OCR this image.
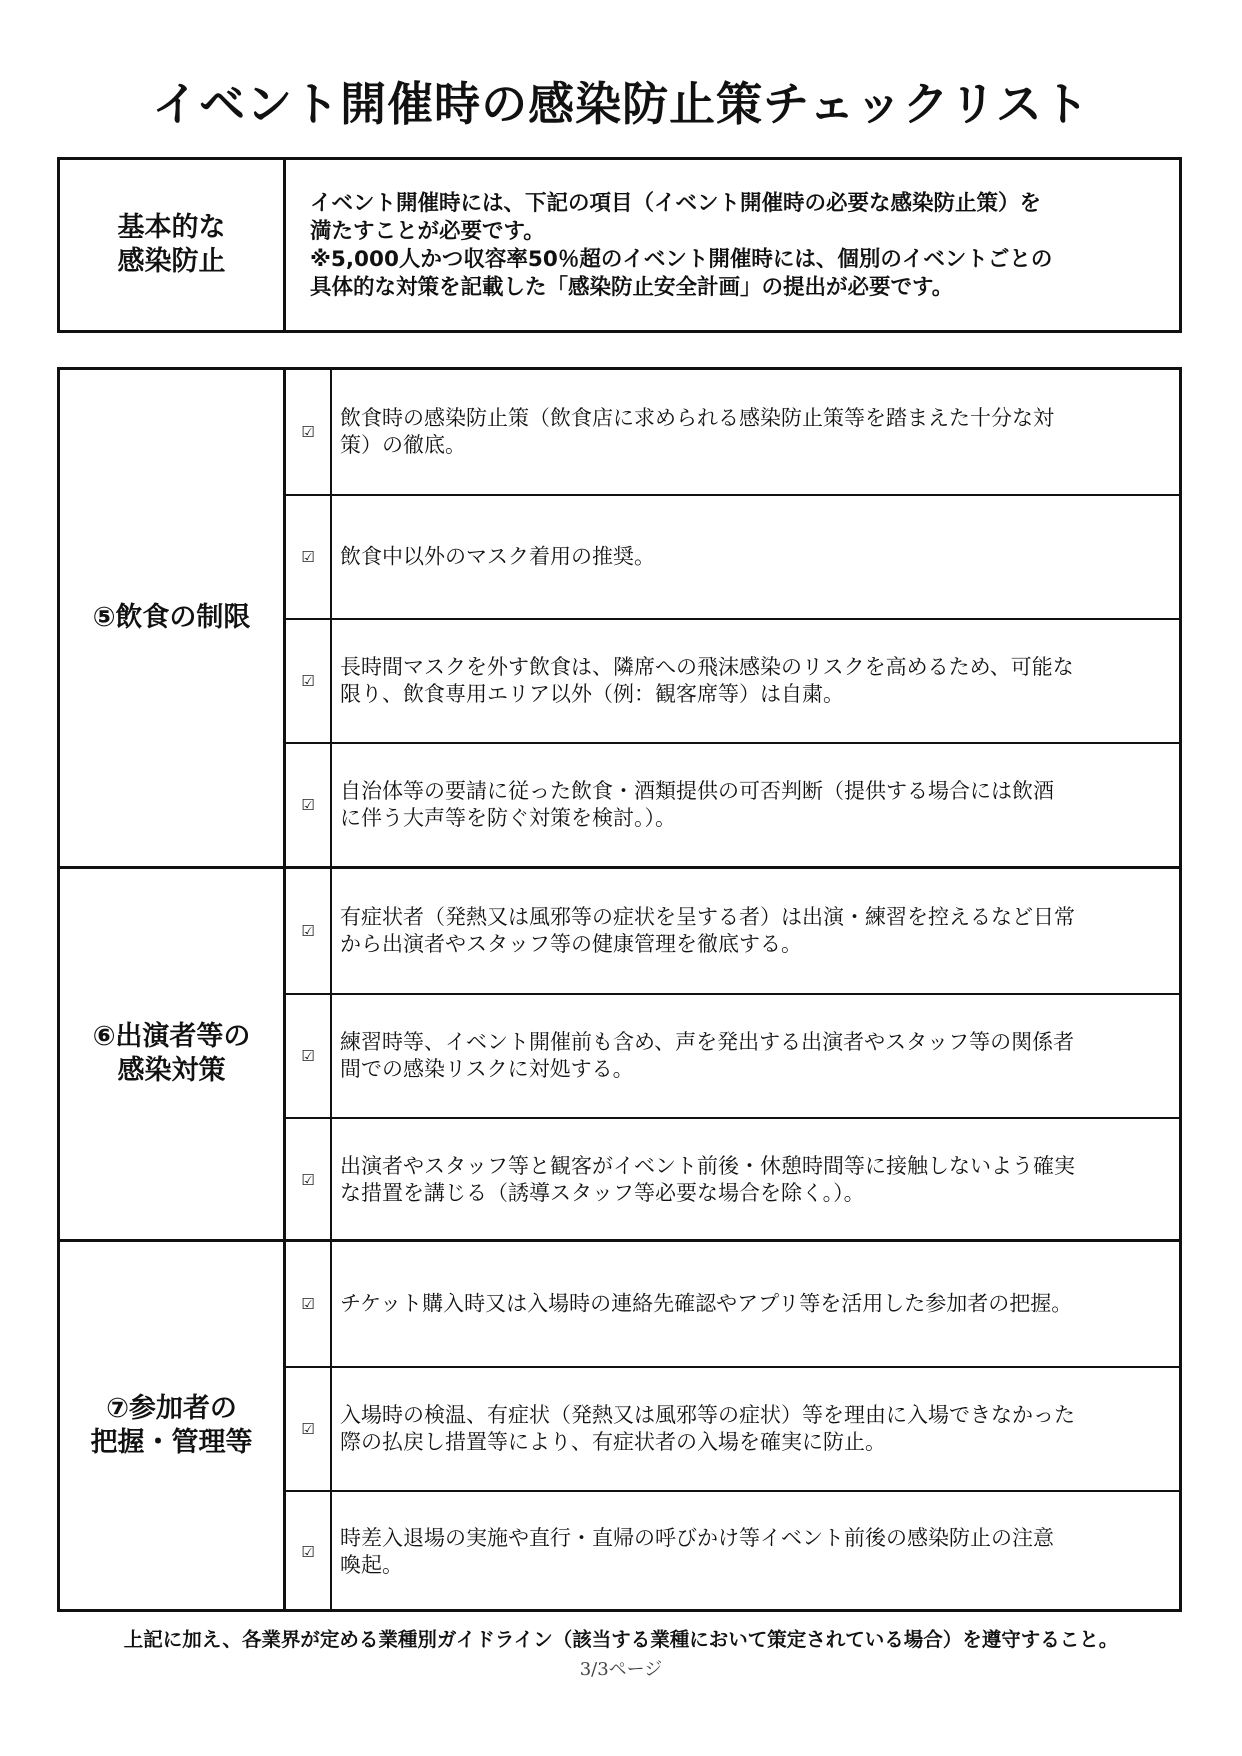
イベント開催時の感染防止策チェックリスト
基本的な
感染防止
イベント開催時には、下記の項目（イベント開催時の必要な感染防止策）を
満たすことが必要です。
※5,000人かつ収容率50％超のイベント開催時には、個別のイベントごとの
具体的な対策を記載した「感染防止安全計画」の提出が必要です。
⑤飲食の制限
☑
飲食時の感染防止策（飲食店に求められる感染防止策等を踏まえた十分な対
策）の徹底。
☑ 飲食中以外のマスク着用の推奨。
☑
長時間マスクを外す飲食は、隣席への飛沫感染のリスクを高めるため、可能な
限り、飲食専用エリア以外（例：観客席等）は自粛。
☑
自治体等の要請に従った飲食・酒類提供の可否判断（提供する場合には飲酒
に伴う大声等を防ぐ対策を検討。）。
⑥出演者等の
感染対策
☑
有症状者（発熱又は風邪等の症状を呈する者）は出演・練習を控えるなど日常
から出演者やスタッフ等の健康管理を徹底する。
☑
練習時等、イベント開催前も含め、声を発出する出演者やスタッフ等の関係者
間での感染リスクに対処する。
☑
出演者やスタッフ等と観客がイベント前後・休憩時間等に接触しないよう確実
な措置を講じる（誘導スタッフ等必要な場合を除く。）。
⑦参加者の
把握・管理等
☑ チケット購入時又は入場時の連絡先確認やアプリ等を活用した参加者の把握。
☑
入場時の検温、有症状（発熱又は風邪等の症状）等を理由に入場できなかった
際の払戻し措置等により、有症状者の入場を確実に防止。
☑
時差入退場の実施や直行・直帰の呼びかけ等イベント前後の感染防止の注意
喚起。
上記に加え、各業界が定める業種別ガイドライン（該当する業種において策定されている場合）を遵守すること。
3/3ページ
